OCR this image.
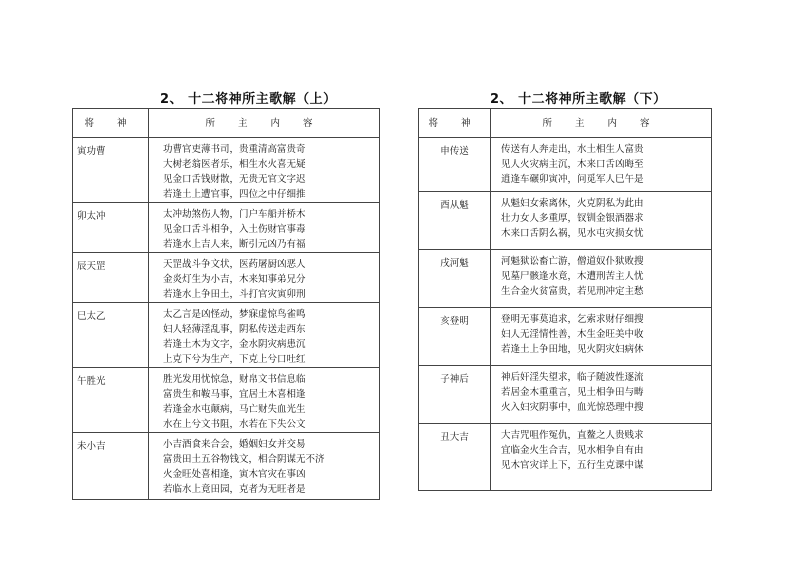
2、 十二将神所主歌解（上）	2、 十二将神所主歌解（下）
将 神	所 主 内 容
寅功曹	功曹官吏薄书司，贵重清高富贵奇
大树老翁医者乐，相生水火喜无疑
见金口舌钱财散，无贵无官文字迟
若逢土上遭官事，四位之中仔细推

卯太冲	太冲劫煞伤人物，门户车船并桥木
见金口舌斗相争，入土伤财官事毒
若逢水上吉人来，断引元凶乃有福

辰天罡	天罡战斗争文状，医药屠厨凶恶人
金炎灯生为小吉，木来知事弟兄分
若逢水上争田土，斗打官灾寅卯刑

巳太乙	太乙言是凶怪动，梦寐虚惊鸟雀鸣
妇人轻薄淫乱事，阴私传送走西东
若逢土木为文字，金水阴灾病患沉
上克下兮为生产，下克上兮口吐红

午胜光	胜光发用忧惊急，财帛文书信息临
富贵生和鞍马事，宜居土木喜相逢
若逢金水屯颠病，马亡财失血光生
水在上兮文书阻，水若在下失公文

未小吉	小吉酒食来合会，婚姻妇女并交易
富贵田土五谷物钱文，相合阴谋无不济
火金旺处喜相逢，寅木官灾在事凶
若临水上竟田园，克者为无旺者是
将 神	所 主 内 容
申传送	传送有人奔走出，水土相生人富贵
见人火灾病主沉，木来口舌凶晦至
逍逢车碾卯寅冲，问觅军人巳午是

酉从魁	从魁妇女索离休，火克阴私为此由
壮力女人多重厚，钗钏金银酒器求
木来口舌阴么祸，见水屯灾损女忧

戌河魁	河魁狱讼畜亡游，僧道奴仆狱败搜
见墓尸骸逢水竟，木遭刑苦主人忧
生合金火贫富贵，若见刑冲定主愁

亥登明	登明无事莫追求，乞索求财仔细搜
妇人无淫情性善，木生金旺美中收
若逢土上争田地，见火阴灾妇病休

子神后	神后奸淫失望求，临子随波性逐流
若居金木重重言，见土相争田与畴
火入妇灾阴事中，血光惊恐理中搜

丑大吉	大吉咒咀作冤仇，直鳌之人贵贱求
宜临金火生合吉，见水相争自有由
见木官灾详上下，五行生克课中谋
